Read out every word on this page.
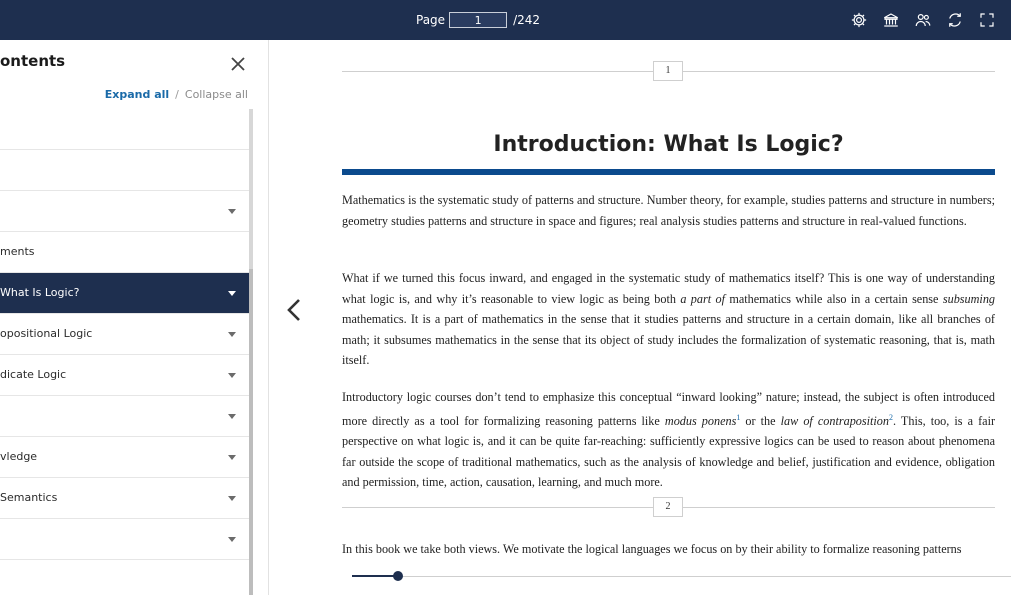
Page
1	/242
ontents
Expand all / Collapse all
ments
What Is Logic?
opositional Logic
dicate Logic
vledge
Semantics
1
Introduction: What Is Logic?
Mathematics is the systematic study of patterns and structure. Number theory, for example, studies patterns and structure in numbers; geometry studies patterns and structure in space and figures; real analysis studies patterns and structure in real-valued functions.
What if we turned this focus inward, and engaged in the systematic study of mathematics itself? This is one way of understanding what logic is, and why it’s reasonable to view logic as being both a part of mathematics while also in a certain sense subsuming mathematics. It is a part of mathematics in the sense that it studies patterns and structure in a certain domain, like all branches of math; it subsumes mathematics in the sense that its object of study includes the formalization of systematic reasoning, that is, math itself.
Introductory logic courses don’t tend to emphasize this conceptual “inward looking” nature; instead, the subject is often introduced more directly as a tool for formalizing reasoning patterns like modus ponens$^1$ or the law of contraposition$^2$. This, too, is a fair perspective on what logic is, and it can be quite far-reaching: sufficiently expressive logics can be used to reason about phenomena far outside the scope of traditional mathematics, such as the analysis of knowledge and belief, justification and evidence, obligation and permission, time, action, causation, learning, and much more.
2
In this book we take both views. We motivate the logical languages we focus on by their ability to formalize reasoning patterns
